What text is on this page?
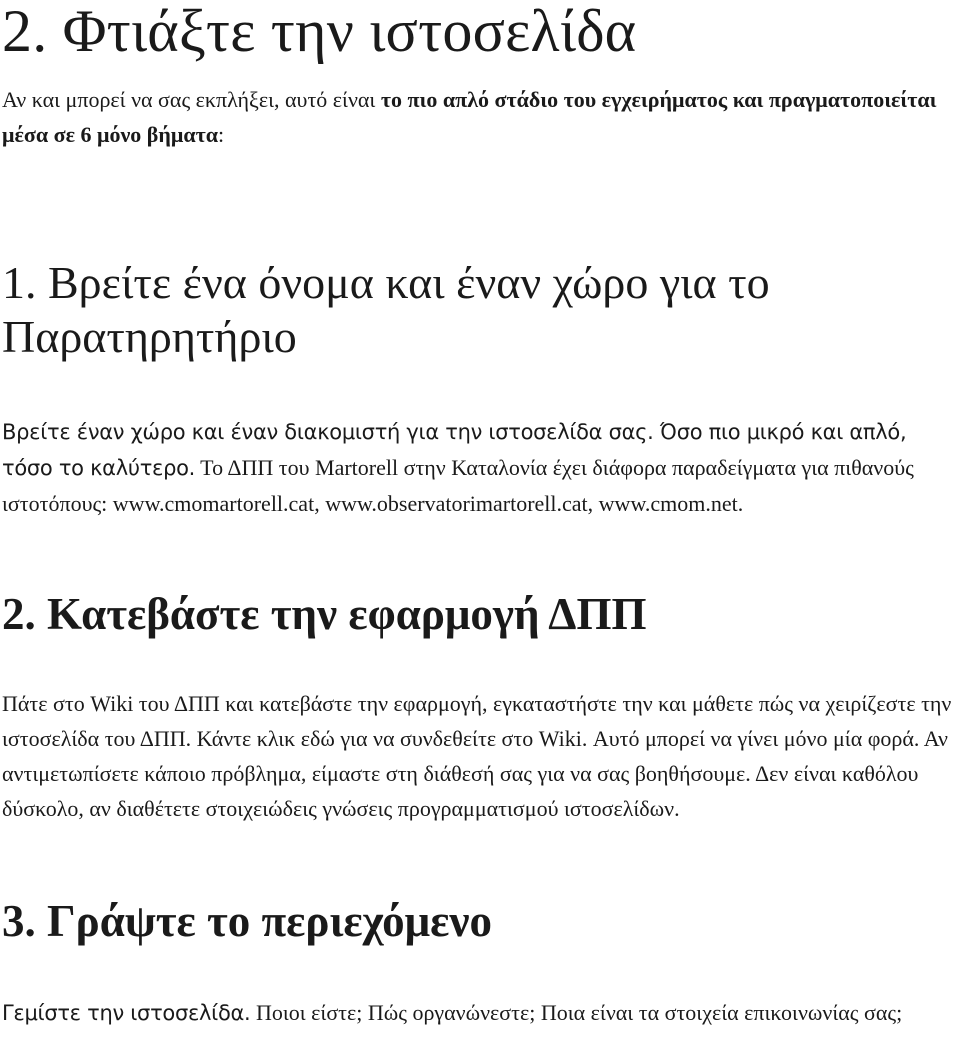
2. Φτιάξτε την ιστοσελίδα

Αν και μπορεί να σας εκπλήξει, αυτό είναι το πιο απλό στάδιο του εγχειρήματος και πραγματοποιείται μέσα σε 6 μόνο βήματα:

1. Βρείτε ένα όνομα και έναν χώρο για το Παρατηρητήριο

Βρείτε έναν χώρο και έναν διακομιστή για την ιστοσελίδα σας. Όσο πιο μικρό και απλό, τόσο το καλύτερο. Το ΔΠΠ του Martorell στην Καταλονία έχει διάφορα παραδείγματα για πιθανούς ιστοτόπους: www.cmomartorell.cat, www.observatorimartorell.cat, www.cmom.net.

2. Κατεβάστε την εφαρμογή ΔΠΠ

Πάτε στο Wiki του ΔΠΠ και κατεβάστε την εφαρμογή, εγκαταστήστε την και μάθετε πώς να χειρίζεστε την ιστοσελίδα του ΔΠΠ. Κάντε κλικ εδώ για να συνδεθείτε στο Wiki. Αυτό μπορεί να γίνει μόνο μία φορά. Αν αντιμετωπίσετε κάποιο πρόβλημα, είμαστε στη διάθεσή σας για να σας βοηθήσουμε. Δεν είναι καθόλου δύσκολο, αν διαθέτετε στοιχειώδεις γνώσεις προγραμματισμού ιστοσελίδων.

3. Γράψτε το περιεχόμενο

Γεμίστε την ιστοσελίδα. Ποιοι είστε; Πώς οργανώνεστε; Ποια είναι τα στοιχεία επικοινωνίας σας;
